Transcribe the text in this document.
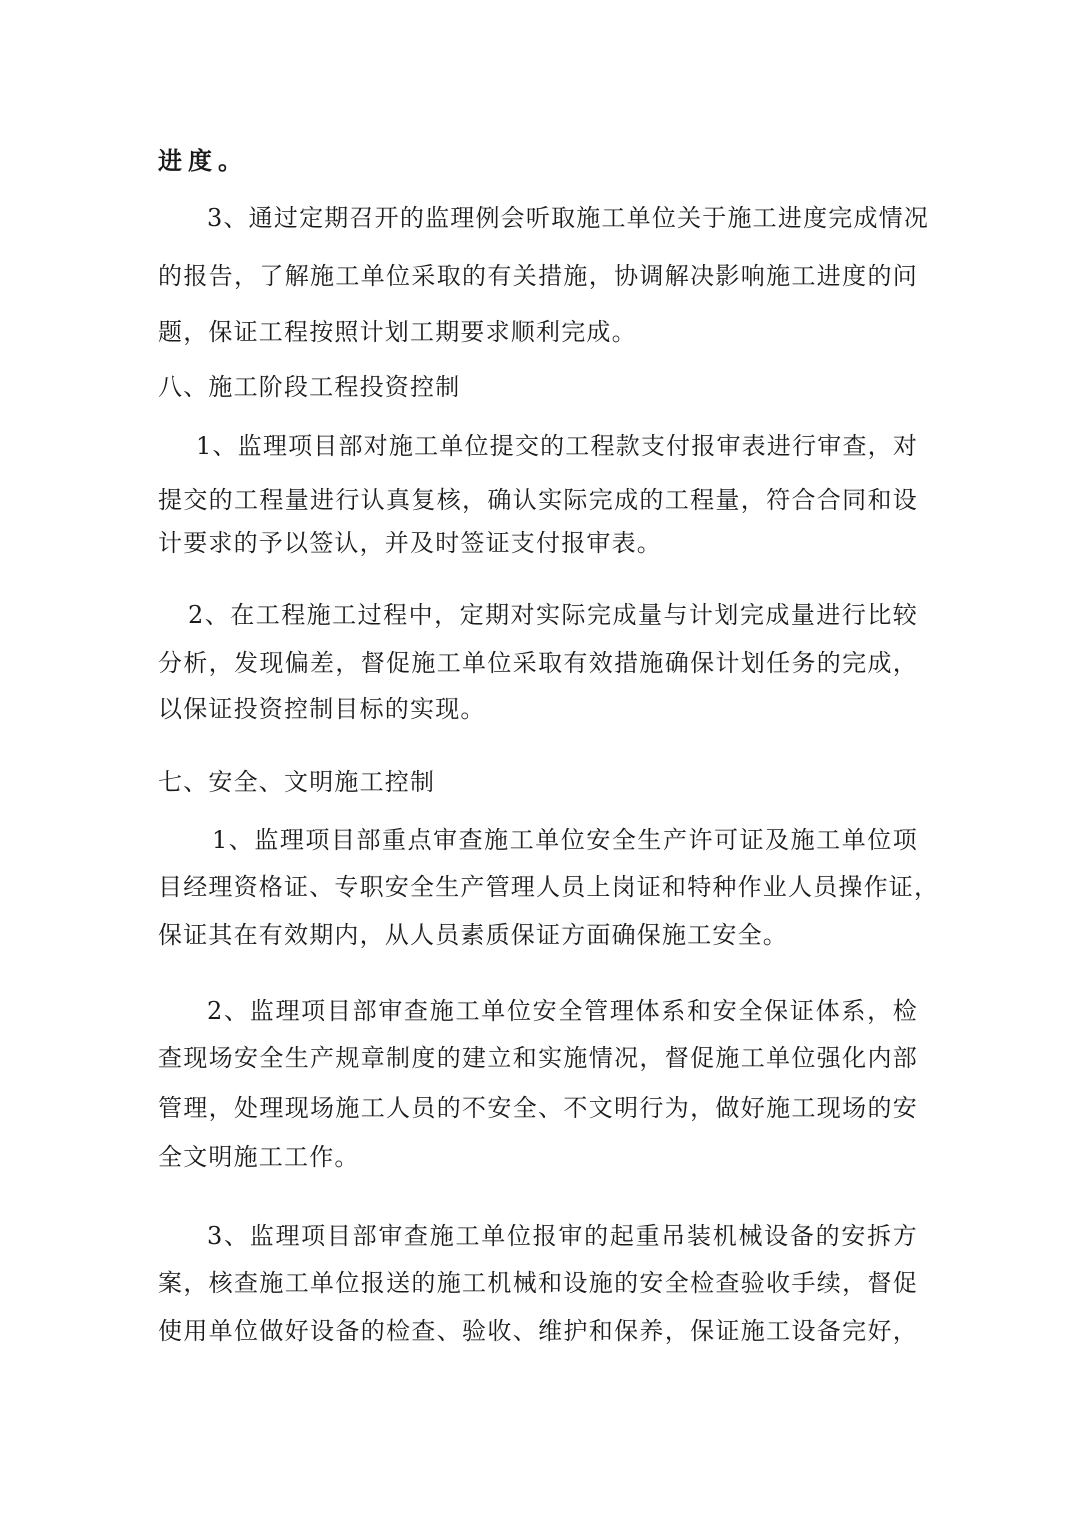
进度。
3、通过定期召开的监理例会听取施工单位关于施工进度完成情况
的报告，了解施工单位采取的有关措施，协调解决影响施工进度的问
题，保证工程按照计划工期要求顺利完成。
八、施工阶段工程投资控制
1、监理项目部对施工单位提交的工程款支付报审表进行审查，对
提交的工程量进行认真复核，确认实际完成的工程量，符合合同和设
计要求的予以签认，并及时签证支付报审表。
2、在工程施工过程中，定期对实际完成量与计划完成量进行比较
分析，发现偏差，督促施工单位采取有效措施确保计划任务的完成，
以保证投资控制目标的实现。
七、安全、文明施工控制
1、监理项目部重点审查施工单位安全生产许可证及施工单位项
目经理资格证、专职安全生产管理人员上岗证和特种作业人员操作证，
保证其在有效期内，从人员素质保证方面确保施工安全。
2、监理项目部审查施工单位安全管理体系和安全保证体系，检
查现场安全生产规章制度的建立和实施情况，督促施工单位强化内部
管理，处理现场施工人员的不安全、不文明行为，做好施工现场的安
全文明施工工作。
3、监理项目部审查施工单位报审的起重吊装机械设备的安拆方
案，核查施工单位报送的施工机械和设施的安全检查验收手续，督促
使用单位做好设备的检查、验收、维护和保养，保证施工设备完好，
